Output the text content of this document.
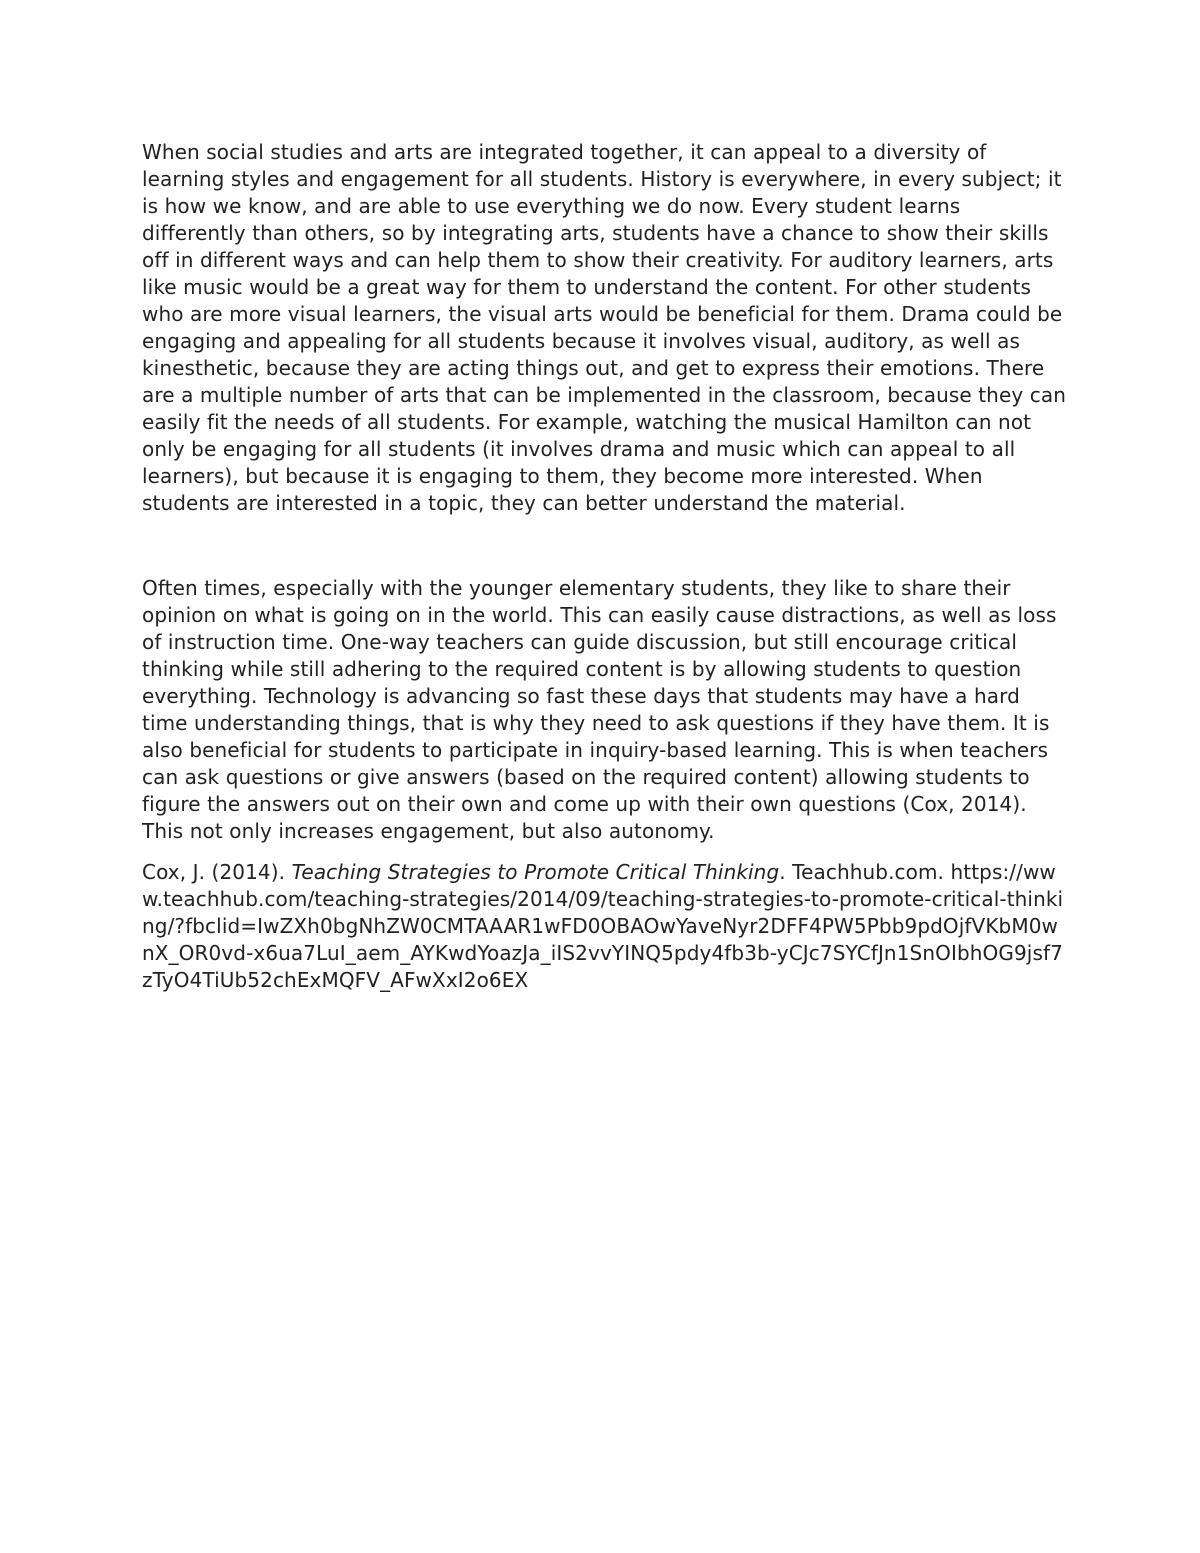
When social studies and arts are integrated together, it can appeal to a diversity of learning styles and engagement for all students. History is everywhere, in every subject; it is how we know, and are able to use everything we do now. Every student learns differently than others, so by integrating arts, students have a chance to show their skills off in different ways and can help them to show their creativity. For auditory learners, arts like music would be a great way for them to understand the content. For other students who are more visual learners, the visual arts would be beneficial for them. Drama could be engaging and appealing for all students because it involves visual, auditory, as well as kinesthetic, because they are acting things out, and get to express their emotions. There are a multiple number of arts that can be implemented in the classroom, because they can easily fit the needs of all students. For example, watching the musical Hamilton can not only be engaging for all students (it involves drama and music which can appeal to all learners), but because it is engaging to them, they become more interested. When students are interested in a topic, they can better understand the material.

Often times, especially with the younger elementary students, they like to share their opinion on what is going on in the world. This can easily cause distractions, as well as loss of instruction time. One-way teachers can guide discussion, but still encourage critical thinking while still adhering to the required content is by allowing students to question everything. Technology is advancing so fast these days that students may have a hard time understanding things, that is why they need to ask questions if they have them. It is also beneficial for students to participate in inquiry-based learning. This is when teachers can ask questions or give answers (based on the required content) allowing students to figure the answers out on their own and come up with their own questions (Cox, 2014). This not only increases engagement, but also autonomy.

Cox, J. (2014). Teaching Strategies to Promote Critical Thinking. Teachhub.com. https://www.teachhub.com/teaching-strategies/2014/09/teaching-strategies-to-promote-critical-thinking/?fbclid=IwZXh0bgNhZW0CMTAAAR1wFD0OBAOwYaveNyr2DFF4PW5Pbb9pdOjfVKbM0wnX_OR0vd-x6ua7LuI_aem_AYKwdYoazJa_iIS2vvYINQ5pdy4fb3b-yCJc7SYCfJn1SnOIbhOG9jsf7zTyO4TiUb52chExMQFV_AFwXxI2o6EX
